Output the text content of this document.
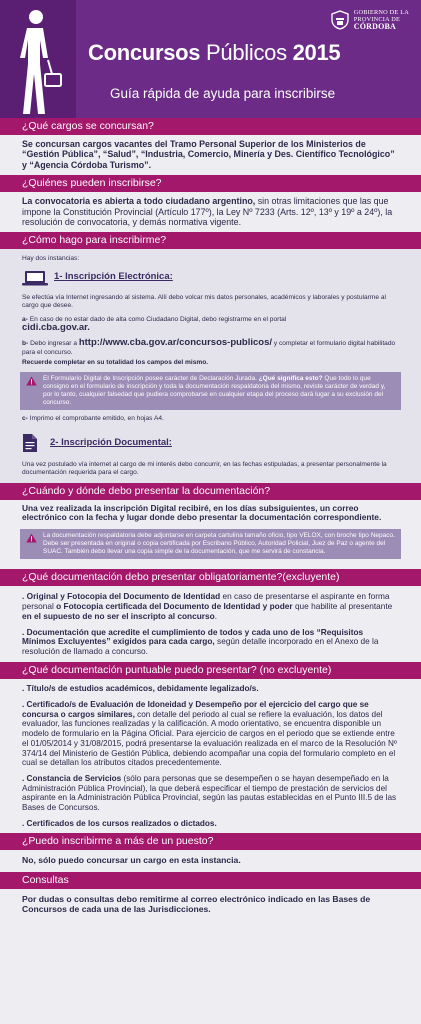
GOBIERNO DE LA
PROVINCIA DE
CÓRDOBA
Concursos Públicos 2015
Guía rápida de ayuda para inscribirse
¿Qué cargos se concursan?
Se concursan cargos vacantes del Tramo Personal Superior de los Ministerios de “Gestión Pública”, “Salud”, “Industria, Comercio, Minería y Des. Científico Tecnológico” y “Agencia Córdoba Turismo”.
¿Quiénes pueden inscribirse?
La convocatoria es abierta a todo ciudadano argentino, sin otras limitaciones que las que impone la Constitución Provincial (Artículo 177º), la Ley Nº 7233 (Arts. 12º, 13º y 19º a 24º), la resolución de convocatoria, y demás normativa vigente.
¿Cómo hago para inscribirme?
Hay dos instancias:
1- Inscripción Electrónica:
Se efectúa vía Internet ingresando al sistema. Allí debo volcar mis datos personales, académicos y laborales y postularme al cargo que desee.
a- En caso de no estar dado de alta como Ciudadano Digital, debo registrarme en el portal
cidi.cba.gov.ar.
b- Debo ingresar a http://www.cba.gov.ar/concursos-publicos/ y completar el formulario digital habilitado para el concurso.
Recuerde completar en su totalidad los campos del mismo.
El Formulario Digital de Inscripción posee carácter de Declaración Jurada. ¿Qué significa esto? Que todo lo que consigno en el formulario de inscripción y toda la documentación respaldatoria del mismo, reviste carácter de verdad y, por lo tanto, cualquier falsedad que pudiera comprobarse en cualquier etapa del proceso dará lugar a su exclusión del concurso.
c- Imprimo el comprobante emitido, en hojas A4.
2- Inscripción Documental:
Una vez postulado vía internet al cargo de mi interés debo concurrir, en las fechas estipuladas, a presentar personalmente la documentación requerida para el cargo.
¿Cuándo y dónde debo presentar la documentación?
Una vez realizada la inscripción Digital recibiré, en los días subsiguientes, un correo electrónico con la fecha y lugar donde debo presentar la documentación correspondiente.
La documentación respaldatoria debe adjuntarse en carpeta cartulina tamaño oficio, tipo VELOX, con broche tipo Nepaco. Debe ser presentada en original o copia certificada por Escribano Público, Autoridad Policial, Juez de Paz o agente del SUAC. También debo llevar una copia simple de la documentación, que me servirá de constancia.
¿Qué documentación debo presentar obligatoriamente?(excluyente)
. Original y Fotocopia del Documento de Identidad en caso de presentarse el aspirante en forma personal o Fotocopia certificada del Documento de Identidad y poder que habilite al presentante en el supuesto de no ser el inscripto al concurso.
. Documentación que acredite el cumplimiento de todos y cada uno de los “Requisitos Mínimos Excluyentes” exigidos para cada cargo, según detalle incorporado en el Anexo de la resolución de llamado a concurso.
¿Qué documentación puntuable puedo presentar? (no excluyente)
. Título/s de estudios académicos, debidamente legalizado/s.
. Certificado/s de Evaluación de Idoneidad y Desempeño por el ejercicio del cargo que se concursa o cargos similares, con detalle del periodo al cual se refiere la evaluación, los datos del evaluador, las funciones realizadas y la calificación. A modo orientativo, se encuentra disponible un modelo de formulario en la Página Oficial. Para ejercicio de cargos en el periodo que se extiende entre el 01/05/2014 y 31/08/2015, podrá presentarse la evaluación realizada en el marco de la Resolución Nº 374/14 del Ministerio de Gestión Pública, debiendo acompañar una copia del formulario completo en el cual se detallan los atributos citados precedentemente.
. Constancia de Servicios (sólo para personas que se desempeñen o se hayan desempeñado en la Administración Pública Provincial), la que deberá especificar el tiempo de prestación de servicios del aspirante en la Administración Pública Provincial, según las pautas establecidas en el Punto III.5 de las Bases de Concursos.
. Certificados de los cursos realizados o dictados.
¿Puedo inscribirme a más de un puesto?
No, sólo puedo concursar un cargo en esta instancia.
Consultas
Por dudas o consultas debo remitirme al correo electrónico indicado en las Bases de Concursos de cada una de las Jurisdicciones.
